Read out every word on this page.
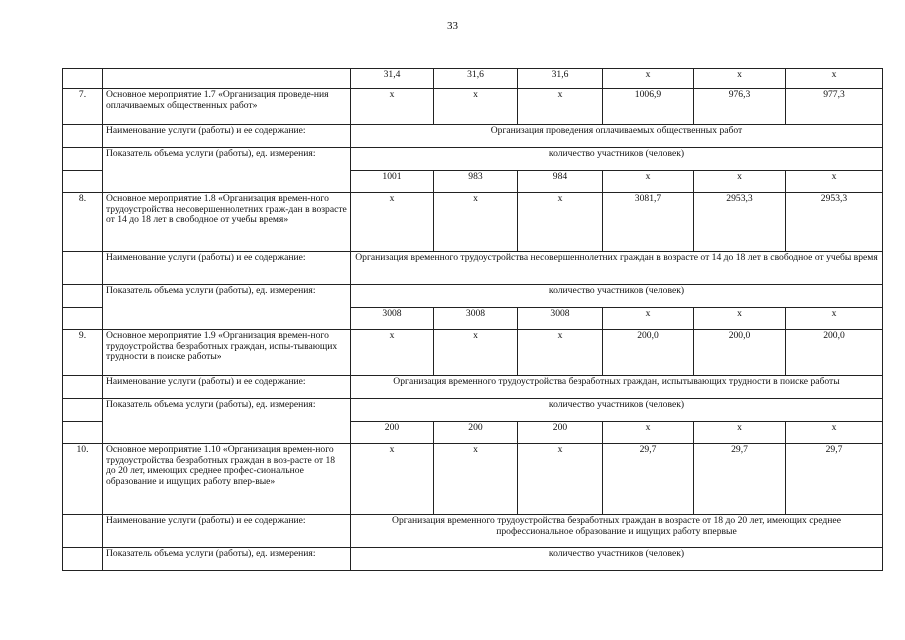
33
		31,4	31,6	31,6	x	x	x
7.	Основное мероприятие 1.7 «Организация проведе-ния оплачиваемых общественных работ»	x	x	x	1006,9	976,3	977,3
	Наименование услуги (работы) и ее содержание:	Организация проведения оплачиваемых общественных работ					
	Показатель объема услуги (работы), ед. измерения:	количество участников (человек)					
		1001	983	984	x	x	x
8.	Основное мероприятие 1.8 «Организация времен-ного трудоустройства несовершеннолетних граж-дан в возрасте от 14 до 18 лет в свободное от учебы время»	x	x	x	3081,7	2953,3	2953,3
	Наименование услуги (работы) и ее содержание:	Организация временного трудоустройства несовершеннолетних граждан в возрасте от 14 до 18 лет в свободное от учебы время					
	Показатель объема услуги (работы), ед. измерения:	количество участников (человек)					
		3008	3008	3008	x	x	x
9.	Основное мероприятие 1.9 «Организация времен-ного трудоустройства безработных граждан, испы-тывающих трудности в поиске работы»	x	x	x	200,0	200,0	200,0
	Наименование услуги (работы) и ее содержание:	Организация временного трудоустройства безработных граждан, испытывающих трудности в поиске работы					
	Показатель объема услуги (работы), ед. измерения:	количество участников (человек)					
		200	200	200	x	x	x
10.	Основное мероприятие 1.10 «Организация времен-ного трудоустройства безработных граждан в воз-расте от 18 до 20 лет, имеющих среднее профес-сиональное образование и ищущих работу впер-вые»	x	x	x	29,7	29,7	29,7
	Наименование услуги (работы) и ее содержание:	Организация временного трудоустройства безработных граждан в возрасте от 18 до 20 лет, имеющих среднее профессиональное образование и ищущих работу впервые					
	Показатель объема услуги (работы), ед. измерения:	количество участников (человек)					
